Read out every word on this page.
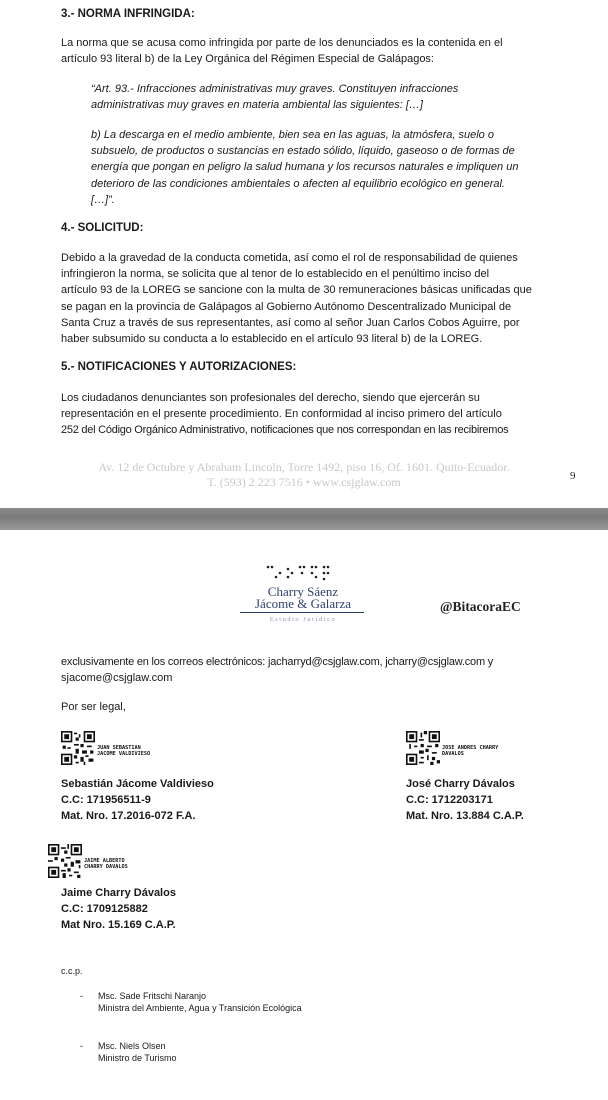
3.- NORMA INFRINGIDA:
La norma que se acusa como infringida por parte de los denunciados es la contenida en el
artículo 93 literal b) de la Ley Orgánica del Régimen Especial de Galápagos:
“Art. 93.- Infracciones administrativas muy graves. Constituyen infracciones
administrativas muy graves en materia ambiental las siguientes: […]
b) La descarga en el medio ambiente, bien sea en las aguas, la atmósfera, suelo o
subsuelo, de productos o sustancias en estado sólido, líquido, gaseoso o de formas de
energía que pongan en peligro la salud humana y los recursos naturales e impliquen un
deterioro de las condiciones ambientales o afecten al equilibrio ecológico en general.
[…]”.
4.- SOLICITUD:
Debido a la gravedad de la conducta cometida, así como el rol de responsabilidad de quienes
infringieron la norma, se solicita que al tenor de lo establecido en el penúltimo inciso del
artículo 93 de la LOREG se sancione con la multa de 30 remuneraciones básicas unificadas que
se pagan en la provincia de Galápagos al Gobierno Autónomo Descentralizado Municipal de
Santa Cruz a través de sus representantes, así como al señor Juan Carlos Cobos Aguirre, por
haber subsumido su conducta a lo establecido en el artículo 93 literal b) de la LOREG.
5.- NOTIFICACIONES Y AUTORIZACIONES:
Los ciudadanos denunciantes son profesionales del derecho, siendo que ejercerán su
representación en el presente procedimiento. En conformidad al inciso primero del artículo
252 del Código Orgánico Administrativo, notificaciones que nos correspondan en las recibiremos
Av. 12 de Octubre y Abraham Lincoln, Torre 1492, piso 16, Of. 1601. Quito-Ecuador.
T. (593) 2 223 7516 • www.csjglaw.com	9
Charry Sáenz
Jácome & Galarza
Estudio Jurídico
@BitacoraEC
exclusivamente en los correos electrónicos: jacharryd@csjglaw.com, jcharry@csjglaw.com y
sjacome@csjglaw.com
Por ser legal,

JUAN SEBASTIAN
JACOME VALDIVIESO
Sebastián Jácome Valdivieso
C.C: 171956511-9
Mat. Nro. 17.2016-072 F.A.

JOSE ANDRES CHARRY
DAVALOS
José Charry Dávalos
C.C: 1712203171
Mat. Nro. 13.884 C.A.P.

JAIME ALBERTO
CHARRY DAVALOS
Jaime Charry Dávalos
C.C: 1709125882
Mat Nro. 15.169 C.A.P.
c.c.p.
- Msc. Sade Fritschi Naranjo
Ministra del Ambiente, Agua y Transición Ecológica
- Msc. Niels Olsen
Ministro de Turismo
